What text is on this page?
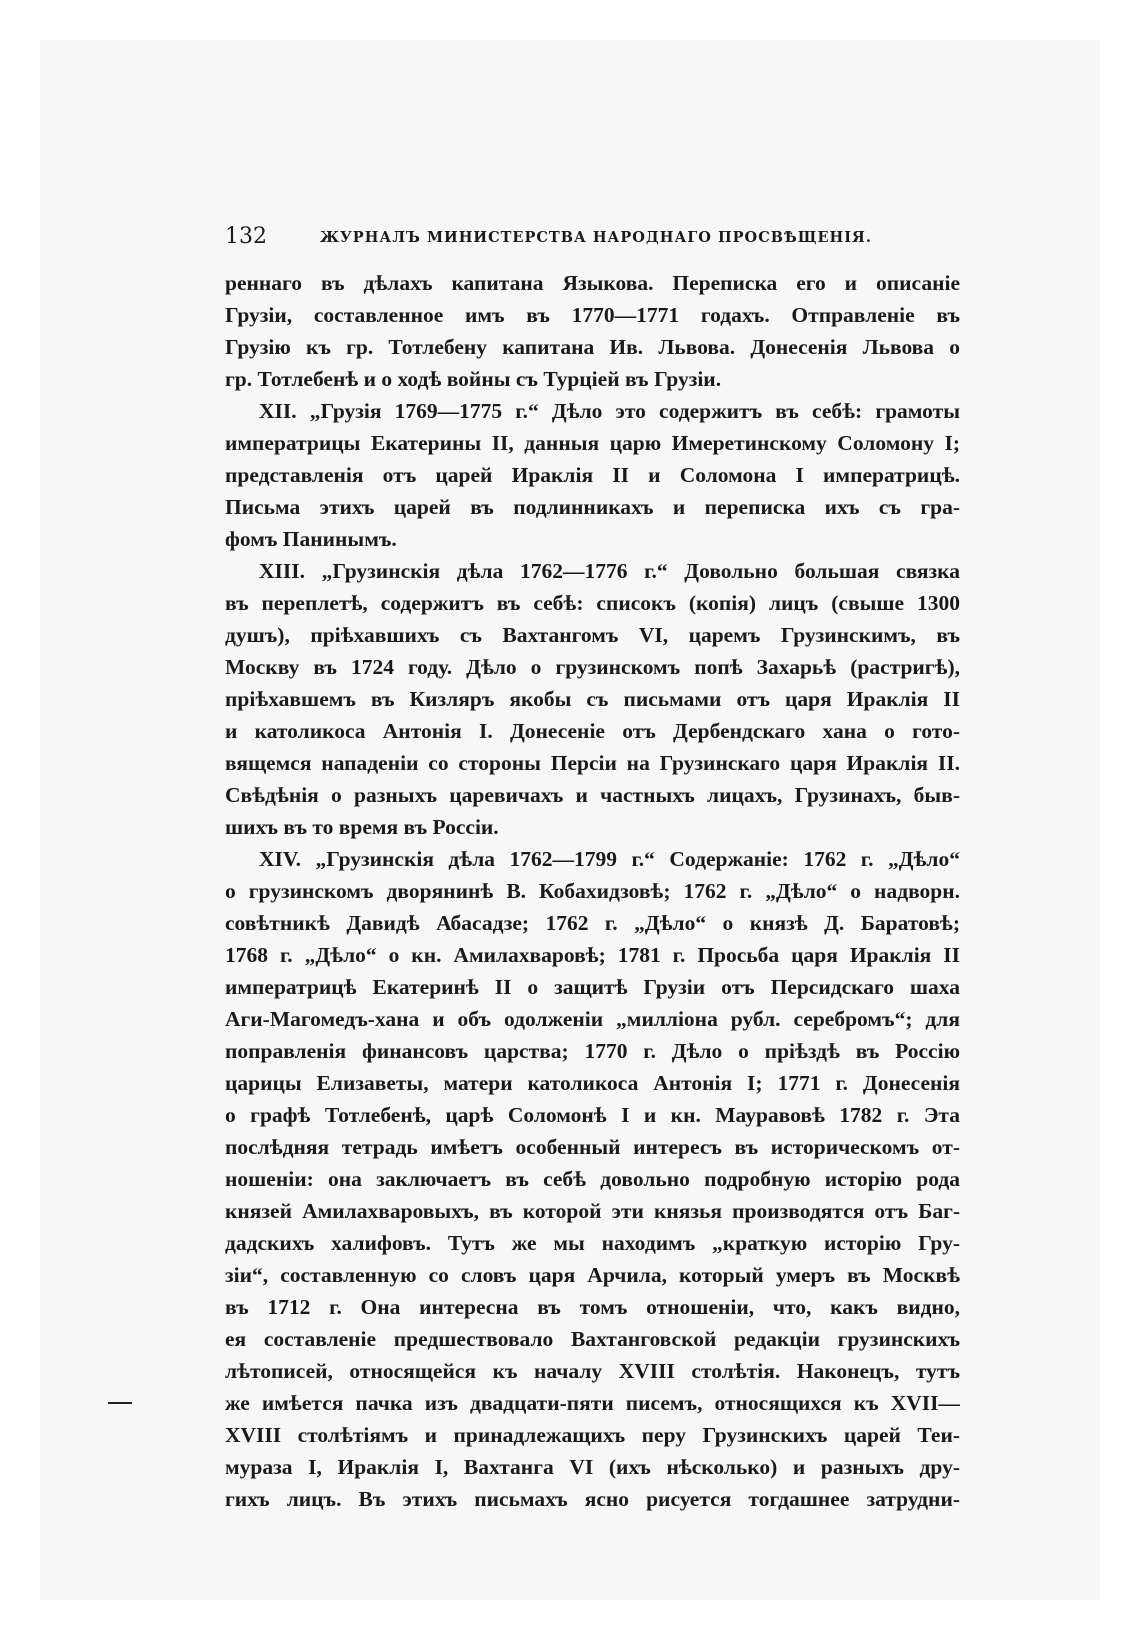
132	ЖУРНАЛЪ МИНИСТЕРСТВА НАРОДНАГО ПРОСВѢЩЕНІЯ.
реннаго въ дѣлахъ капитана Языкова. Переписка его и описаніе
Грузіи, составленное имъ въ 1770—1771 годахъ. Отправленіе въ
Грузію къ гр. Тотлебену капитана Ив. Львова. Донесенія Львова о
гр. Тотлебенѣ и о ходѣ войны съ Турціей въ Грузіи.
XII. „Грузія 1769—1775 г.“ Дѣло это содержитъ въ себѣ: грамоты
императрицы Екатерины II, данныя царю Имеретинскому Соломону I;
представленія отъ царей Ираклія II и Соломона I императрицѣ.
Письма этихъ царей въ подлинникахъ и переписка ихъ съ гра-
фомъ Панинымъ.
XIII. „Грузинскія дѣла 1762—1776 г.“ Довольно большая связка
въ переплетѣ, содержитъ въ себѣ: списокъ (копія) лицъ (свыше 1300
душъ), пріѣхавшихъ съ Вахтангомъ VI, царемъ Грузинскимъ, въ
Москву въ 1724 году. Дѣло о грузинскомъ попѣ Захарьѣ (растригѣ),
пріѣхавшемъ въ Кизляръ якобы съ письмами отъ царя Ираклія II
и католикоса Антонія I. Донесеніе отъ Дербендскаго хана о гото-
вящемся нападеніи со стороны Персіи на Грузинскаго царя Ираклія II.
Свѣдѣнія о разныхъ царевичахъ и частныхъ лицахъ, Грузинахъ, быв-
шихъ въ то время въ Россіи.
XIV. „Грузинскія дѣла 1762—1799 г.“ Содержаніе: 1762 г. „Дѣло“
о грузинскомъ дворянинѣ В. Кобахидзовѣ; 1762 г. „Дѣло“ о надворн.
совѣтникѣ Давидѣ Абасадзе; 1762 г. „Дѣло“ о князѣ Д. Баратовѣ;
1768 г. „Дѣло“ о кн. Амилахваровѣ; 1781 г. Просьба царя Ираклія II
императрицѣ Екатеринѣ II о защитѣ Грузіи отъ Персидскаго шаха
Аги-Магомедъ-хана и объ одолженіи „милліона рубл. серебромъ“; для
поправленія финансовъ царства; 1770 г. Дѣло о пріѣздѣ въ Россію
царицы Елизаветы, матери католикоса Антонія I; 1771 г. Донесенія
о графѣ Тотлебенѣ, царѣ Соломонѣ I и кн. Мауравовѣ 1782 г. Эта
послѣдняя тетрадь имѣетъ особенный интересъ въ историческомъ от-
ношеніи: она заключаетъ въ себѣ довольно подробную исторію рода
князей Амилахваровыхъ, въ которой эти князья производятся отъ Баг-
дадскихъ халифовъ. Тутъ же мы находимъ „краткую исторію Гру-
зіи“, составленную со словъ царя Арчила, который умеръ въ Москвѣ
въ 1712 г. Она интересна въ томъ отношеніи, что, какъ видно,
ея составленіе предшествовало Вахтанговской редакціи грузинскихъ
лѣтописей, относящейся къ началу XVIII столѣтія. Наконецъ, тутъ
же имѣется пачка изъ двадцати-пяти писемъ, относящихся къ XVII—
XVIII столѣтіямъ и принадлежащихъ перу Грузинскихъ царей Теи-
мураза I, Ираклія I, Вахтанга VI (ихъ нѣсколько) и разныхъ дру-
гихъ лицъ. Въ этихъ письмахъ ясно рисуется тогдашнее затрудни-
